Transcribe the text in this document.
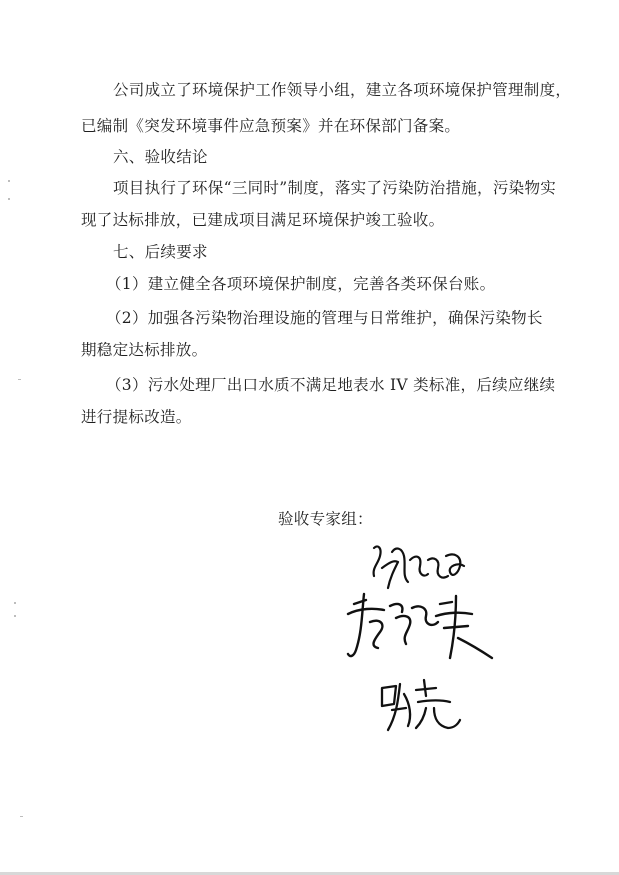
公司成立了环境保护工作领导小组，建立各项环境保护管理制度，
已编制《突发环境事件应急预案》并在环保部门备案。
六、验收结论
项目执行了环保“三同时”制度，落实了污染防治措施，污染物实
现了达标排放，已建成项目满足环境保护竣工验收。
七、后续要求
（1）建立健全各项环境保护制度，完善各类环保台账。
（2）加强各污染物治理设施的管理与日常维护，确保污染物长
期稳定达标排放。
（3）污水处理厂出口水质不满足地表水 IV 类标准，后续应继续
进行提标改造。
验收专家组：
